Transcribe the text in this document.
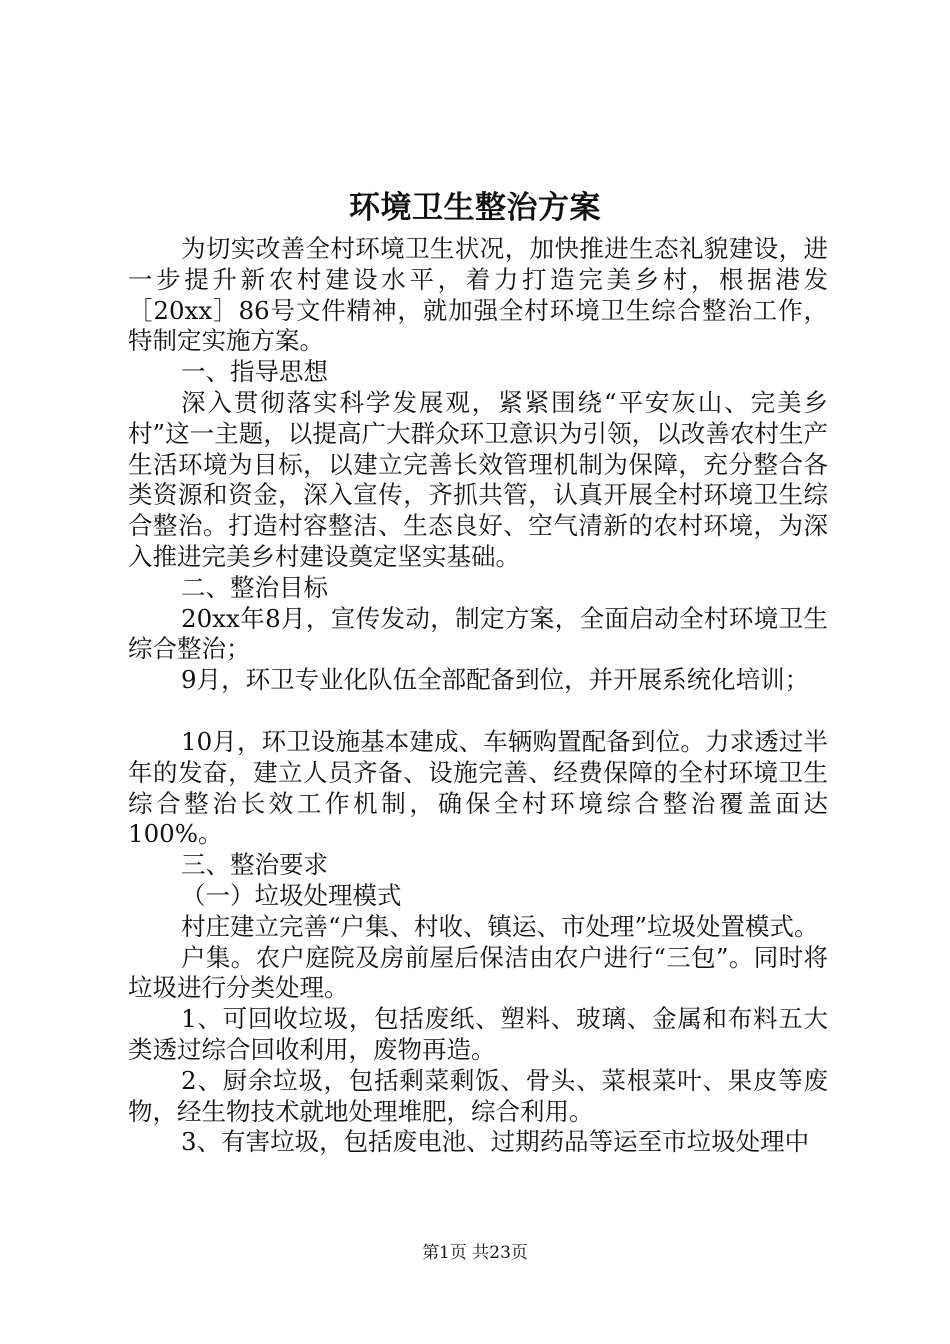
环境卫生整治方案

为切实改善全村环境卫生状况，加快推进生态礼貌建设，进一步提升新农村建设水平，着力打造完美乡村，根据港发［20xx］86号文件精神，就加强全村环境卫生综合整治工作，特制定实施方案。

一、指导思想

深入贯彻落实科学发展观，紧紧围绕“平安灰山、完美乡村”这一主题，以提高广大群众环卫意识为引领，以改善农村生产生活环境为目标，以建立完善长效管理机制为保障，充分整合各类资源和资金，深入宣传，齐抓共管，认真开展全村环境卫生综合整治。打造村容整洁、生态良好、空气清新的农村环境，为深入推进完美乡村建设奠定坚实基础。

二、整治目标

20xx年8月，宣传发动，制定方案，全面启动全村环境卫生综合整治；

9月，环卫专业化队伍全部配备到位，并开展系统化培训；

10月，环卫设施基本建成、车辆购置配备到位。力求透过半年的发奋，建立人员齐备、设施完善、经费保障的全村环境卫生综合整治长效工作机制，确保全村环境综合整治覆盖面达100%。

三、整治要求

（一）垃圾处理模式

村庄建立完善“户集、村收、镇运、市处理”垃圾处置模式。

户集。农户庭院及房前屋后保洁由农户进行“三包”。同时将垃圾进行分类处理。

1、可回收垃圾，包括废纸、塑料、玻璃、金属和布料五大类透过综合回收利用，废物再造。

2、厨余垃圾，包括剩菜剩饭、骨头、菜根菜叶、果皮等废物，经生物技术就地处理堆肥，综合利用。

3、有害垃圾，包括废电池、过期药品等运至市垃圾处理中

第1页 共23页
